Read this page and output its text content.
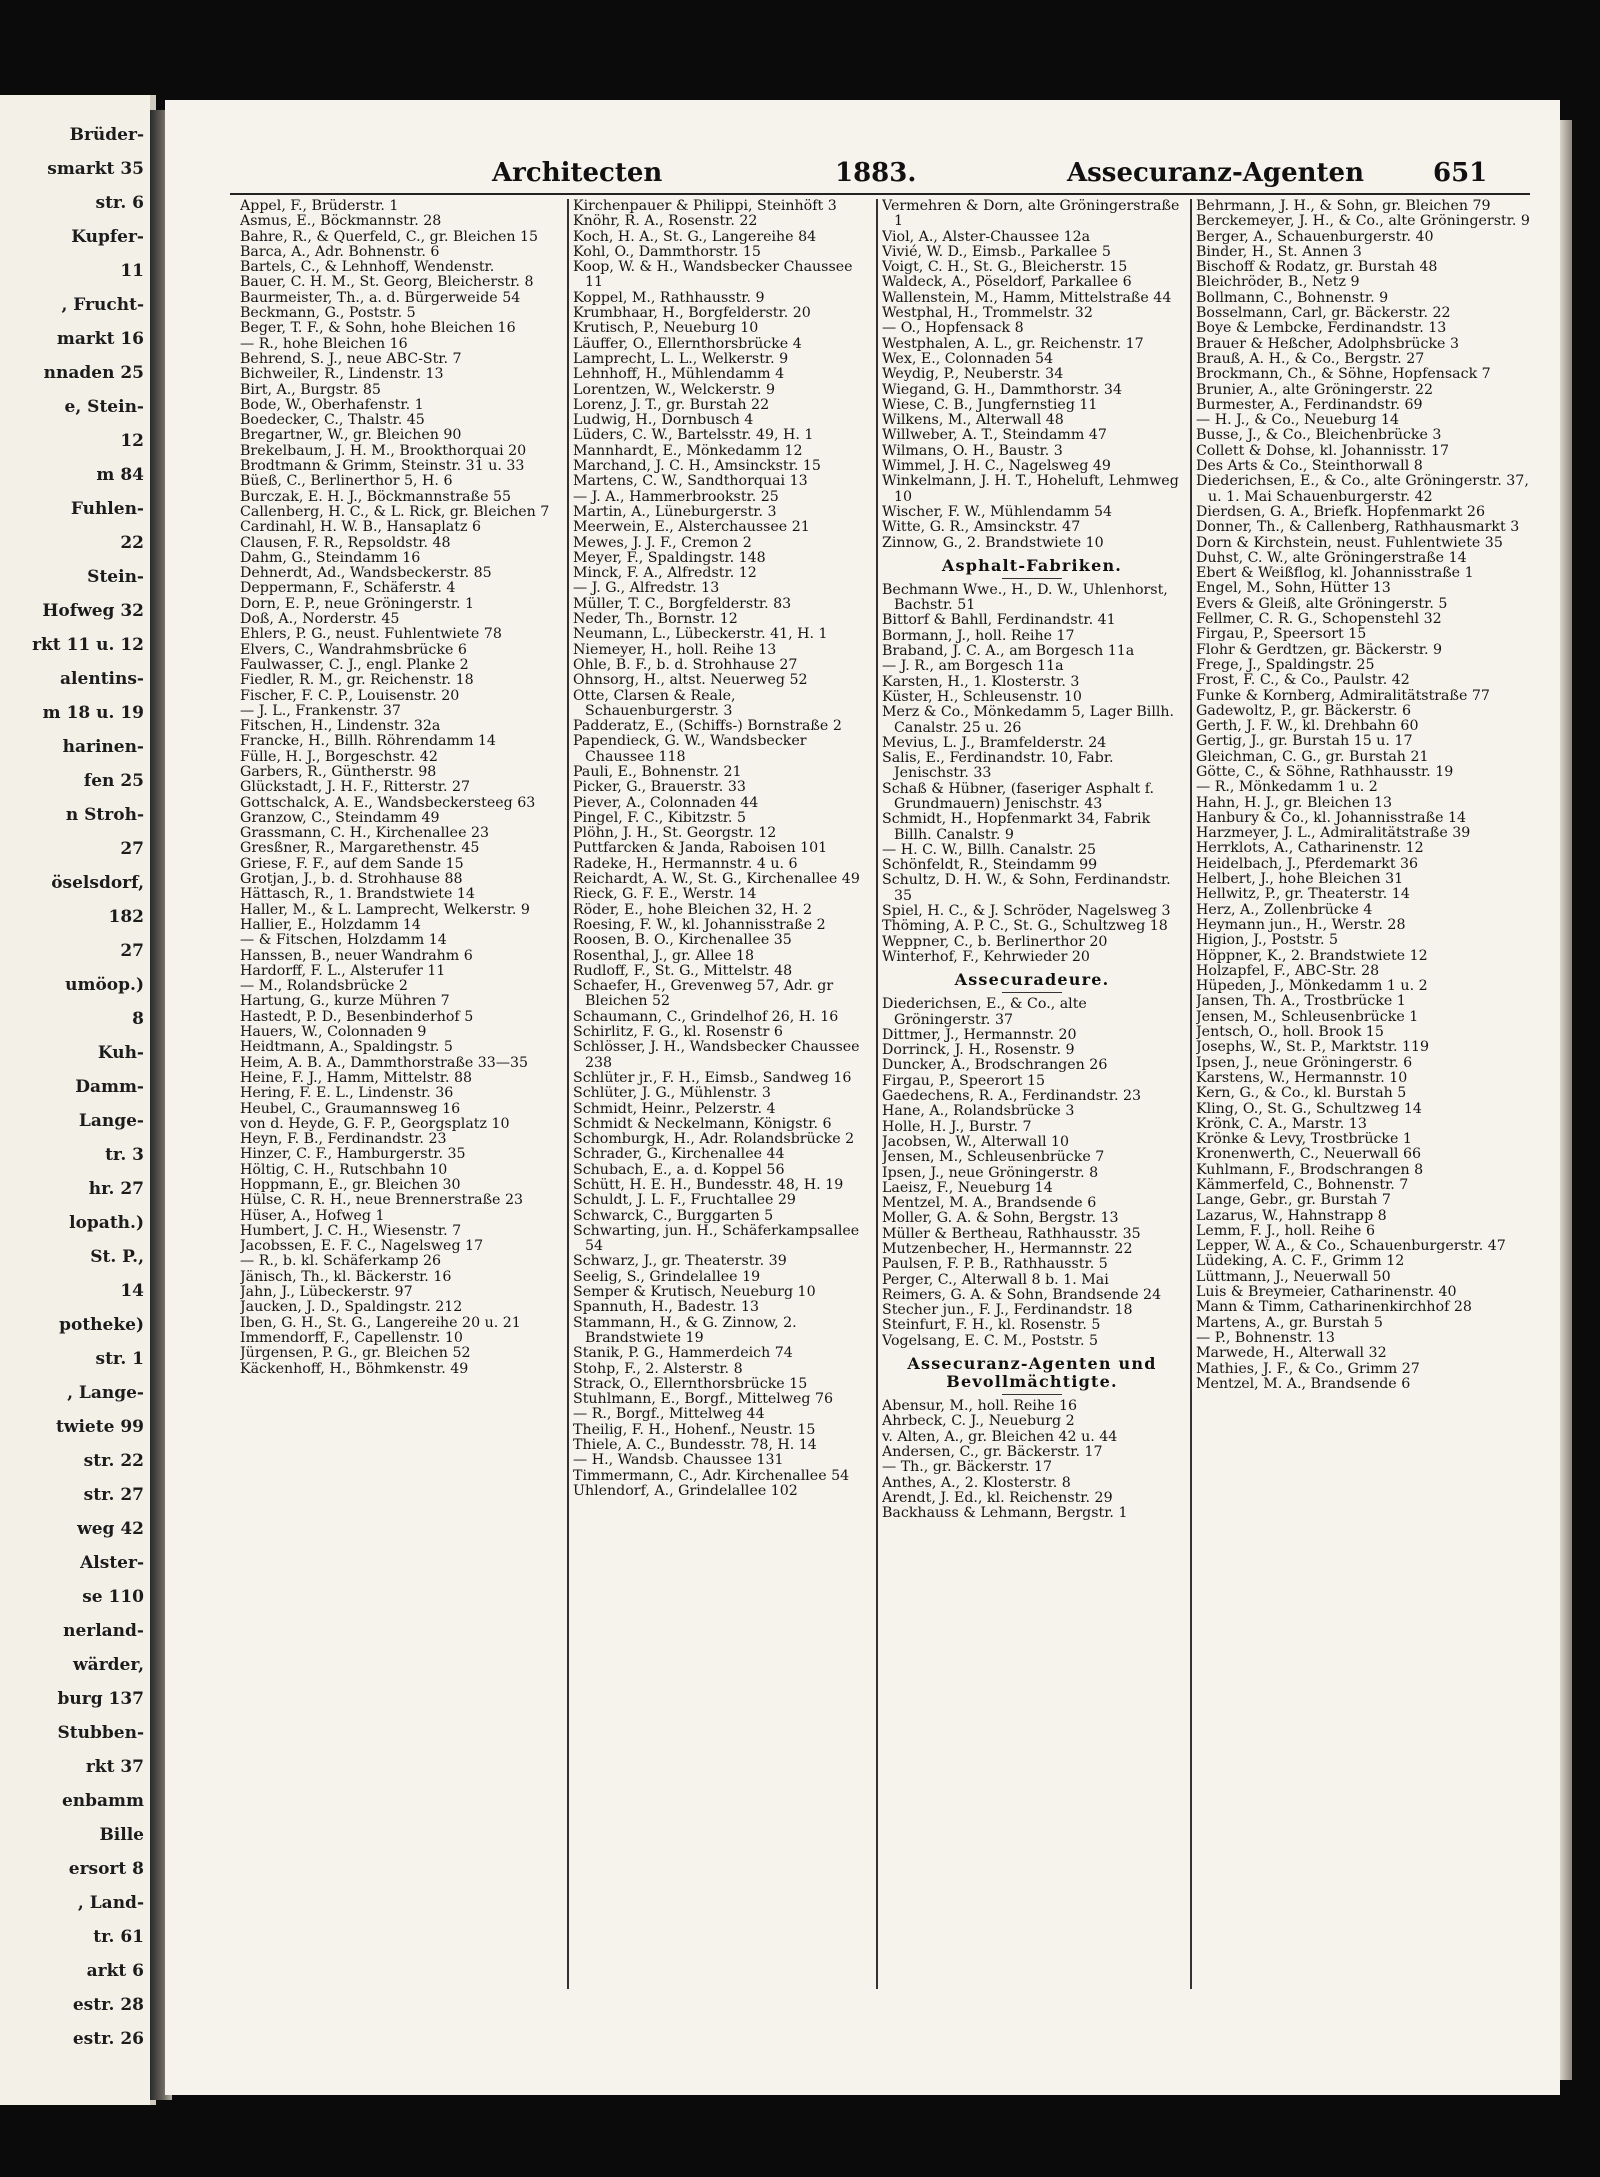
Brüder-
smarkt 35
str. 6
Kupfer-
11
, Frucht-
markt 16
nnaden 25
e, Stein-
12
m 84
Fuhlen-
22
Stein-
Hofweg 32
rkt 11 u. 12
alentins-
m 18 u. 19
harinen-
fen 25
n Stroh-
27
öselsdorf,
182
27
umöop.)
8
Kuh-
Damm-
Lange-
tr. 3
hr. 27
lopath.)
St. P.,
14
potheke)
str. 1
, Lange-
twiete 99
str. 22
str. 27
weg 42
Alster-
se 110
nerland-
wärder,
burg 137
Stubben-
rkt 37
enbamm
Bille
ersort 8
, Land-
tr. 61
arkt 6
estr. 28
estr. 26
Architecten	1883.	Assecuranz-Agenten	651
Appel, F., Brüderstr. 1
Asmus, E., Böckmannstr. 28
Bahre, R., & Querfeld, C., gr. Bleichen 15
Barca, A., Adr. Bohnenstr. 6
Bartels, C., & Lehnhoff, Wendenstr.
Bauer, C. H. M., St. Georg, Bleicherstr. 8
Baurmeister, Th., a. d. Bürgerweide 54
Beckmann, G., Poststr. 5
Beger, T. F., & Sohn, hohe Bleichen 16
— R., hohe Bleichen 16
Behrend, S. J., neue ABC-Str. 7
Bichweiler, R., Lindenstr. 13
Birt, A., Burgstr. 85
Bode, W., Oberhafenstr. 1
Boedecker, C., Thalstr. 45
Bregartner, W., gr. Bleichen 90
Brekelbaum, J. H. M., Brookthorquai 20
Brodtmann & Grimm, Steinstr. 31 u. 33
Büeß, C., Berlinerthor 5, H. 6
Burczak, E. H. J., Böckmannstraße 55
Callenberg, H. C., & L. Rick, gr. Bleichen 7
Cardinahl, H. W. B., Hansaplatz 6
Clausen, F. R., Repsoldstr. 48
Dahm, G., Steindamm 16
Dehnerdt, Ad., Wandsbeckerstr. 85
Deppermann, F., Schäferstr. 4
Dorn, E. P., neue Gröningerstr. 1
Doß, A., Norderstr. 45
Ehlers, P. G., neust. Fuhlentwiete 78
Elvers, C., Wandrahmsbrücke 6
Faulwasser, C. J., engl. Planke 2
Fiedler, R. M., gr. Reichenstr. 18
Fischer, F. C. P., Louisenstr. 20
— J. L., Frankenstr. 37
Fitschen, H., Lindenstr. 32a
Francke, H., Billh. Röhrendamm 14
Fülle, H. J., Borgeschstr. 42
Garbers, R., Güntherstr. 98
Glückstadt, J. H. F., Ritterstr. 27
Gottschalck, A. E., Wandsbeckersteeg 63
Granzow, C., Steindamm 49
Grassmann, C. H., Kirchenallee 23
Gresßner, R., Margarethenstr. 45
Griese, F. F., auf dem Sande 15
Grotjan, J., b. d. Strohhause 88
Hättasch, R., 1. Brandstwiete 14
Haller, M., & L. Lamprecht, Welkerstr. 9
Hallier, E., Holzdamm 14
— & Fitschen, Holzdamm 14
Hanssen, B., neuer Wandrahm 6
Hardorff, F. L., Alsterufer 11
— M., Rolandsbrücke 2
Hartung, G., kurze Mühren 7
Hastedt, P. D., Besenbinderhof 5
Hauers, W., Colonnaden 9
Heidtmann, A., Spaldingstr. 5
Heim, A. B. A., Dammthorstraße 33—35
Heine, F. J., Hamm, Mittelstr. 88
Hering, F. E. L., Lindenstr. 36
Heubel, C., Graumannsweg 16
von d. Heyde, G. F. P., Georgsplatz 10
Heyn, F. B., Ferdinandstr. 23
Hinzer, C. F., Hamburgerstr. 35
Höltig, C. H., Rutschbahn 10
Hoppmann, E., gr. Bleichen 30
Hülse, C. R. H., neue Brennerstraße 23
Hüser, A., Hofweg 1
Humbert, J. C. H., Wiesenstr. 7
Jacobssen, E. F. C., Nagelsweg 17
— R., b. kl. Schäferkamp 26
Jänisch, Th., kl. Bäckerstr. 16
Jahn, J., Lübeckerstr. 97
Jaucken, J. D., Spaldingstr. 212
Iben, G. H., St. G., Langereihe 20 u. 21
Immendorff, F., Capellenstr. 10
Jürgensen, P. G., gr. Bleichen 52
Käckenhoff, H., Böhmkenstr. 49
Kirchenpauer & Philippi, Steinhöft 3
Knöhr, R. A., Rosenstr. 22
Koch, H. A., St. G., Langereihe 84
Kohl, O., Dammthorstr. 15
Koop, W. & H., Wandsbecker Chaussee 11
Koppel, M., Rathhausstr. 9
Krumbhaar, H., Borgfelderstr. 20
Krutisch, P., Neueburg 10
Läuffer, O., Ellernthorsbrücke 4
Lamprecht, L. L., Welkerstr. 9
Lehnhoff, H., Mühlendamm 4
Lorentzen, W., Welckerstr. 9
Lorenz, J. T., gr. Burstah 22
Ludwig, H., Dornbusch 4
Lüders, C. W., Bartelsstr. 49, H. 1
Mannhardt, E., Mönkedamm 12
Marchand, J. C. H., Amsinckstr. 15
Martens, C. W., Sandthorquai 13
— J. A., Hammerbrookstr. 25
Martin, A., Lüneburgerstr. 3
Meerwein, E., Alsterchaussee 21
Mewes, J. J. F., Cremon 2
Meyer, F., Spaldingstr. 148
Minck, F. A., Alfredstr. 12
— J. G., Alfredstr. 13
Müller, T. C., Borgfelderstr. 83
Neder, Th., Bornstr. 12
Neumann, L., Lübeckerstr. 41, H. 1
Niemeyer, H., holl. Reihe 13
Ohle, B. F., b. d. Strohhause 27
Ohnsorg, H., altst. Neuerweg 52
Otte, Clarsen & Reale, Schauenburgerstr. 3
Padderatz, E., (Schiffs-) Bornstraße 2
Papendieck, G. W., Wandsbecker Chaussee 118
Pauli, E., Bohnenstr. 21
Picker, G., Brauerstr. 33
Piever, A., Colonnaden 44
Pingel, F. C., Kibitzstr. 5
Plöhn, J. H., St. Georgstr. 12
Puttfarcken & Janda, Raboisen 101
Radeke, H., Hermannstr. 4 u. 6
Reichardt, A. W., St. G., Kirchenallee 49
Rieck, G. F. E., Werstr. 14
Röder, E., hohe Bleichen 32, H. 2
Roesing, F. W., kl. Johannisstraße 2
Roosen, B. O., Kirchenallee 35
Rosenthal, J., gr. Allee 18
Rudloff, F., St. G., Mittelstr. 48
Schaefer, H., Grevenweg 57, Adr. gr Bleichen 52
Schaumann, C., Grindelhof 26, H. 16
Schirlitz, F. G., kl. Rosenstr 6
Schlösser, J. H., Wandsbecker Chaussee 238
Schlüter jr., F. H., Eimsb., Sandweg 16
Schlüter, J. G., Mühlenstr. 3
Schmidt, Heinr., Pelzerstr. 4
Schmidt & Neckelmann, Königstr. 6
Schomburgk, H., Adr. Rolandsbrücke 2
Schrader, G., Kirchenallee 44
Schubach, E., a. d. Koppel 56
Schütt, H. E. H., Bundesstr. 48, H. 19
Schuldt, J. L. F., Fruchtallee 29
Schwarck, C., Burggarten 5
Schwarting, jun. H., Schäferkampsallee 54
Schwarz, J., gr. Theaterstr. 39
Seelig, S., Grindelallee 19
Semper & Krutisch, Neueburg 10
Spannuth, H., Badestr. 13
Stammann, H., & G. Zinnow, 2. Brandstwiete 19
Stanik, P. G., Hammerdeich 74
Stohp, F., 2. Alsterstr. 8
Strack, O., Ellernthorsbrücke 15
Stuhlmann, E., Borgf., Mittelweg 76
— R., Borgf., Mittelweg 44
Theilig, F. H., Hohenf., Neustr. 15
Thiele, A. C., Bundesstr. 78, H. 14
— H., Wandsb. Chaussee 131
Timmermann, C., Adr. Kirchenallee 54
Uhlendorf, A., Grindelallee 102
Vermehren & Dorn, alte Gröningerstraße 1
Viol, A., Alster-Chaussee 12a
Vivié, W. D., Eimsb., Parkallee 5
Voigt, C. H., St. G., Bleicherstr. 15
Waldeck, A., Pöseldorf, Parkallee 6
Wallenstein, M., Hamm, Mittelstraße 44
Westphal, H., Trommelstr. 32
— O., Hopfensack 8
Westphalen, A. L., gr. Reichenstr. 17
Wex, E., Colonnaden 54
Weydig, P., Neuberstr. 34
Wiegand, G. H., Dammthorstr. 34
Wiese, C. B., Jungfernstieg 11
Wilkens, M., Alterwall 48
Willweber, A. T., Steindamm 47
Wilmans, O. H., Baustr. 3
Wimmel, J. H. C., Nagelsweg 49
Winkelmann, J. H. T., Hoheluft, Lehmweg 10
Wischer, F. W., Mühlendamm 54
Witte, G. R., Amsinckstr. 47
Zinnow, G., 2. Brandstwiete 10
Asphalt-Fabriken.
Bechmann Wwe., H., D. W., Uhlenhorst, Bachstr. 51
Bittorf & Bahll, Ferdinandstr. 41
Bormann, J., holl. Reihe 17
Braband, J. C. A., am Borgesch 11a
— J. R., am Borgesch 11a
Karsten, H., 1. Klosterstr. 3
Küster, H., Schleusenstr. 10
Merz & Co., Mönkedamm 5, Lager Billh. Canalstr. 25 u. 26
Mevius, L. J., Bramfelderstr. 24
Salis, E., Ferdinandstr. 10, Fabr. Jenischstr. 33
Schaß & Hübner, (faseriger Asphalt f. Grundmauern) Jenischstr. 43
Schmidt, H., Hopfenmarkt 34, Fabrik Billh. Canalstr. 9
— H. C. W., Billh. Canalstr. 25
Schönfeldt, R., Steindamm 99
Schultz, D. H. W., & Sohn, Ferdinandstr. 35
Spiel, H. C., & J. Schröder, Nagelsweg 3
Thöming, A. P. C., St. G., Schultzweg 18
Weppner, C., b. Berlinerthor 20
Winterhof, F., Kehrwieder 20
Assecuradeure.
Diederichsen, E., & Co., alte Gröningerstr. 37
Dittmer, J., Hermannstr. 20
Dorrinck, J. H., Rosenstr. 9
Duncker, A., Brodschrangen 26
Firgau, P., Speerort 15
Gaedechens, R. A., Ferdinandstr. 23
Hane, A., Rolandsbrücke 3
Holle, H. J., Burstr. 7
Jacobsen, W., Alterwall 10
Jensen, M., Schleusenbrücke 7
Ipsen, J., neue Gröningerstr. 8
Laeisz, F., Neueburg 14
Mentzel, M. A., Brandsende 6
Moller, G. A. & Sohn, Bergstr. 13
Müller & Bertheau, Rathhausstr. 35
Mutzenbecher, H., Hermannstr. 22
Paulsen, F. P. B., Rathhausstr. 5
Perger, C., Alterwall 8 b. 1. Mai
Reimers, G. A. & Sohn, Brandsende 24
Stecher jun., F. J., Ferdinandstr. 18
Steinfurt, F. H., kl. Rosenstr. 5
Vogelsang, E. C. M., Poststr. 5
Assecuranz-Agenten und Bevollmächtigte.
Abensur, M., holl. Reihe 16
Ahrbeck, C. J., Neueburg 2
v. Alten, A., gr. Bleichen 42 u. 44
Andersen, C., gr. Bäckerstr. 17
— Th., gr. Bäckerstr. 17
Anthes, A., 2. Klosterstr. 8
Arendt, J. Ed., kl. Reichenstr. 29
Backhauss & Lehmann, Bergstr. 1
Behrmann, J. H., & Sohn, gr. Bleichen 79
Berckemeyer, J. H., & Co., alte Gröningerstr. 9
Berger, A., Schauenburgerstr. 40
Binder, H., St. Annen 3
Bischoff & Rodatz, gr. Burstah 48
Bleichröder, B., Netz 9
Bollmann, C., Bohnenstr. 9
Bosselmann, Carl, gr. Bäckerstr. 22
Boye & Lembcke, Ferdinandstr. 13
Brauer & Heßcher, Adolphsbrücke 3
Brauß, A. H., & Co., Bergstr. 27
Brockmann, Ch., & Söhne, Hopfensack 7
Brunier, A., alte Gröningerstr. 22
Burmester, A., Ferdinandstr. 69
— H. J., & Co., Neueburg 14
Busse, J., & Co., Bleichenbrücke 3
Collett & Dohse, kl. Johannisstr. 17
Des Arts & Co., Steinthorwall 8
Diederichsen, E., & Co., alte Gröningerstr. 37, u. 1. Mai Schauenburgerstr. 42
Dierdsen, G. A., Briefk. Hopfenmarkt 26
Donner, Th., & Callenberg, Rathhausmarkt 3
Dorn & Kirchstein, neust. Fuhlentwiete 35
Duhst, C. W., alte Gröningerstraße 14
Ebert & Weißflog, kl. Johannisstraße 1
Engel, M., Sohn, Hütter 13
Evers & Gleiß, alte Gröningerstr. 5
Fellmer, C. R. G., Schopenstehl 32
Firgau, P., Speersort 15
Flohr & Gerdtzen, gr. Bäckerstr. 9
Frege, J., Spaldingstr. 25
Frost, F. C., & Co., Paulstr. 42
Funke & Kornberg, Admiralitätstraße 77
Gadewoltz, P., gr. Bäckerstr. 6
Gerth, J. F. W., kl. Drehbahn 60
Gertig, J., gr. Burstah 15 u. 17
Gleichman, C. G., gr. Burstah 21
Götte, C., & Söhne, Rathhausstr. 19
— R., Mönkedamm 1 u. 2
Hahn, H. J., gr. Bleichen 13
Hanbury & Co., kl. Johannisstraße 14
Harzmeyer, J. L., Admiralitätstraße 39
Herrklots, A., Catharinenstr. 12
Heidelbach, J., Pferdemarkt 36
Helbert, J., hohe Bleichen 31
Hellwitz, P., gr. Theaterstr. 14
Herz, A., Zollenbrücke 4
Heymann jun., H., Werstr. 28
Higion, J., Poststr. 5
Höppner, K., 2. Brandstwiete 12
Holzapfel, F., ABC-Str. 28
Hüpeden, J., Mönkedamm 1 u. 2
Jansen, Th. A., Trostbrücke 1
Jensen, M., Schleusenbrücke 1
Jentsch, O., holl. Brook 15
Josephs, W., St. P., Marktstr. 119
Ipsen, J., neue Gröningerstr. 6
Karstens, W., Hermannstr. 10
Kern, G., & Co., kl. Burstah 5
Kling, O., St. G., Schultzweg 14
Krönk, C. A., Marstr. 13
Krönke & Levy, Trostbrücke 1
Kronenwerth, C., Neuerwall 66
Kuhlmann, F., Brodschrangen 8
Kämmerfeld, C., Bohnenstr. 7
Lange, Gebr., gr. Burstah 7
Lazarus, W., Hahnstrapp 8
Lemm, F. J., holl. Reihe 6
Lepper, W. A., & Co., Schauenburgerstr. 47
Lüdeking, A. C. F., Grimm 12
Lüttmann, J., Neuerwall 50
Luis & Breymeier, Catharinenstr. 40
Mann & Timm, Catharinenkirchhof 28
Martens, A., gr. Burstah 5
— P., Bohnenstr. 13
Marwede, H., Alterwall 32
Mathies, J. F., & Co., Grimm 27
Mentzel, M. A., Brandsende 6
